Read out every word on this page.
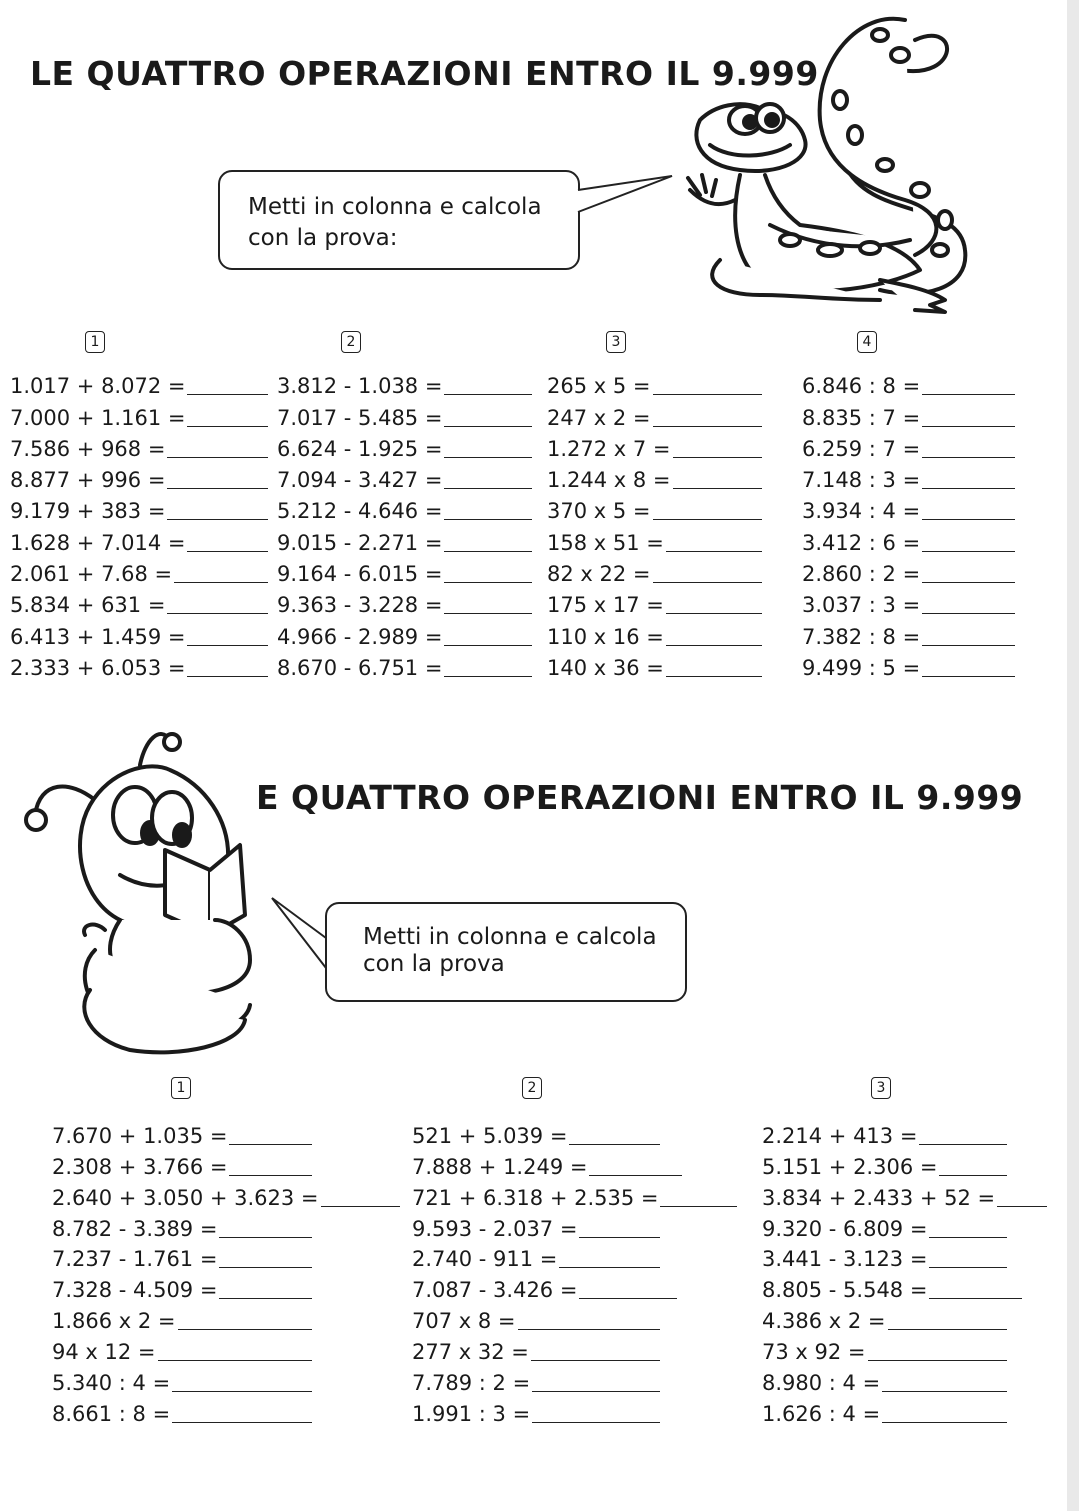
LE QUATTRO OPERAZIONI ENTRO IL 9.999
Metti in colonna e calcola
con la prova:
1	2	3	4
1.017 + 8.072 =
7.000 + 1.161 =
7.586 + 968 =
8.877 + 996 =
9.179 + 383 =
1.628 + 7.014 =
2.061 + 7.68 =
5.834 + 631 =
6.413 + 1.459 =
2.333 + 6.053 =
3.812 - 1.038 =
7.017 - 5.485 =
6.624 - 1.925 =
7.094 - 3.427 =
5.212 - 4.646 =
9.015 - 2.271 =
9.164 - 6.015 =
9.363 - 3.228 =
4.966 - 2.989 =
8.670 - 6.751 =
265 x 5 =
247 x 2 =
1.272 x 7 =
1.244 x 8 =
370 x 5 =
158 x 51 =
82 x 22 =
175 x 17 =
110 x 16 =
140 x 36 =
6.846 : 8 =
8.835 : 7 =
6.259 : 7 =
7.148 : 3 =
3.934 : 4 =
3.412 : 6 =
2.860 : 2 =
3.037 : 3 =
7.382 : 8 =
9.499 : 5 =
E QUATTRO OPERAZIONI ENTRO IL 9.999
Metti in colonna e calcola
con la prova
1	2	3
7.670 + 1.035 =
2.308 + 3.766 =
2.640 + 3.050 + 3.623 =
8.782 - 3.389 =
7.237 - 1.761 =
7.328 - 4.509 =
1.866 x 2 =
94 x 12 =
5.340 : 4 =
8.661 : 8 =
521 + 5.039 =
7.888 + 1.249 =
721 + 6.318 + 2.535 =
9.593 - 2.037 =
2.740 - 911 =
7.087 - 3.426 =
707 x 8 =
277 x 32 =
7.789 : 2 =
1.991 : 3 =
2.214 + 413 =
5.151 + 2.306 =
3.834 + 2.433 + 52 =
9.320 - 6.809 =
3.441 - 3.123 =
8.805 - 5.548 =
4.386 x 2 =
73 x 92 =
8.980 : 4 =
1.626 : 4 =
